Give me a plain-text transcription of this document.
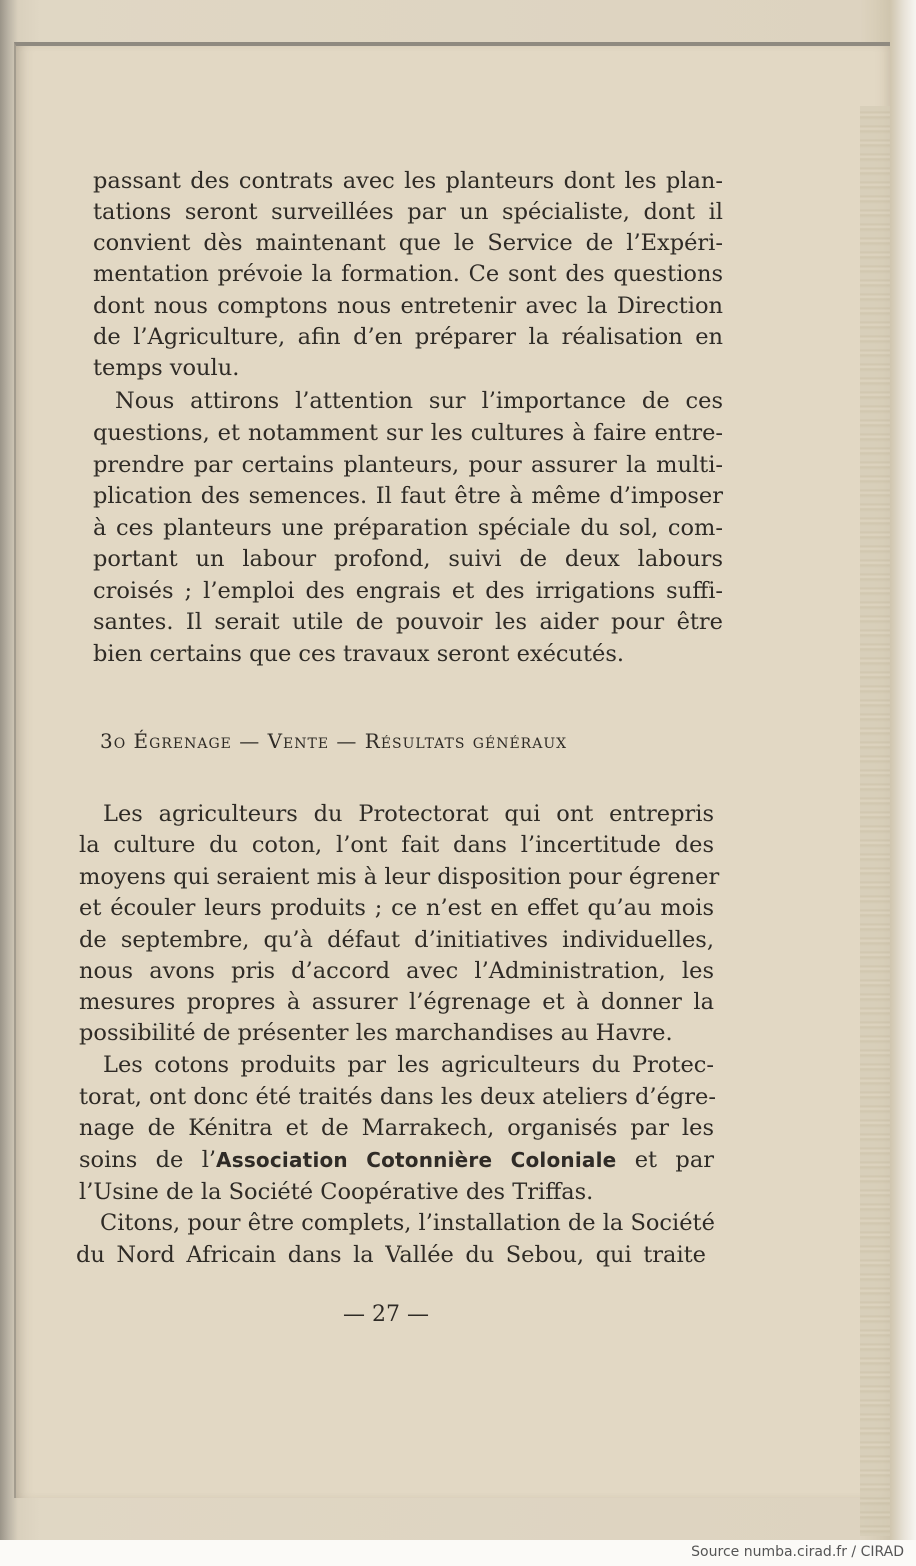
passant des contrats avec les planteurs dont les plan-

tations seront surveillées par un spécialiste, dont il

convient dès maintenant que le Service de l’Expéri-

mentation prévoie la formation. Ce sont des questions

dont nous comptons nous entretenir avec la Direction

de l’Agriculture, afin d’en préparer la réalisation en

temps voulu.

Nous attirons l’attention sur l’importance de ces

questions, et notamment sur les cultures à faire entre-

prendre par certains planteurs, pour assurer la multi-

plication des semences. Il faut être à même d’imposer

à ces planteurs une préparation spéciale du sol, com-

portant un labour profond, suivi de deux labours

croisés ; l’emploi des engrais et des irrigations suffi-

santes. Il serait utile de pouvoir les aider pour être

bien certains que ces travaux seront exécutés.

3o Égrenage — Vente — Résultats généraux

Les agriculteurs du Protectorat qui ont entrepris

la culture du coton, l’ont fait dans l’incertitude des

moyens qui seraient mis à leur disposition pour égrener

et écouler leurs produits ; ce n’est en effet qu’au mois

de septembre, qu’à défaut d’initiatives individuelles,

nous avons pris d’accord avec l’Administration, les

mesures propres à assurer l’égrenage et à donner la

possibilité de présenter les marchandises au Havre.

Les cotons produits par les agriculteurs du Protec-

torat, ont donc été traités dans les deux ateliers d’égre-

nage de Kénitra et de Marrakech, organisés par les

soins de l’Association Cotonnière Coloniale et par

l’Usine de la Société Coopérative des Triffas.

Citons, pour être complets, l’installation de la Société

du Nord Africain dans la Vallée du Sebou, qui traite

— 27 —

Source numba.cirad.fr / CIRAD
